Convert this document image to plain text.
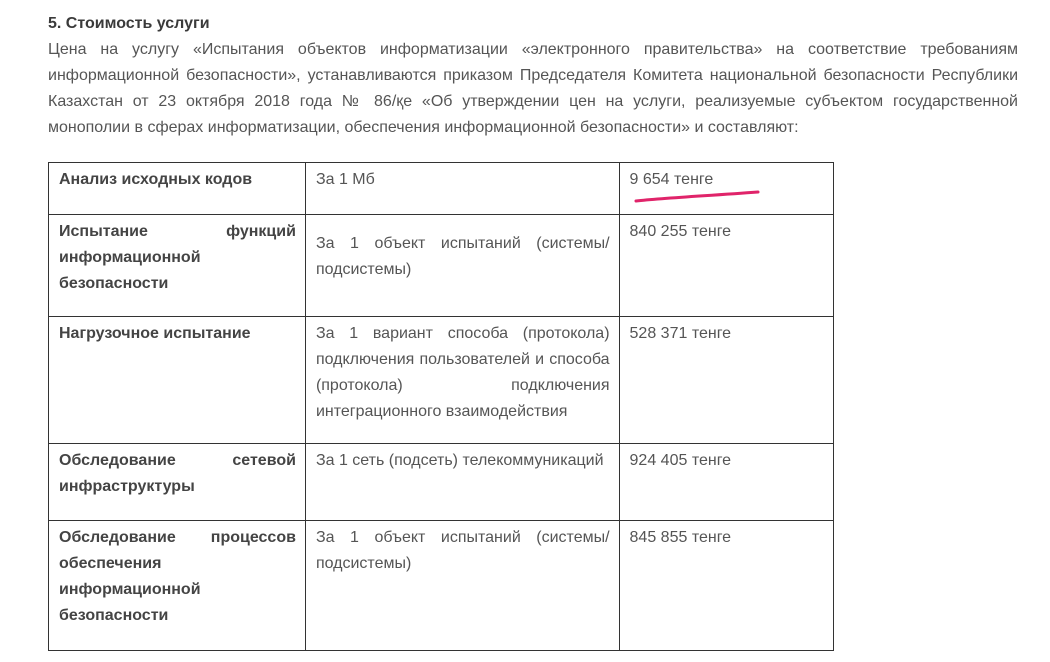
5. Стоимость услуги

Цена на услугу «Испытания объектов информатизации «электронного правительства» на соответствие требованиям информационной безопасности», устанавливаются приказом Председателя Комитета национальной безопасности Республики Казахстан от 23 октября 2018 года № 86/қе «Об утверждении цен на услуги, реализуемые субъектом государственной монополии в сферах информатизации, обеспечения информационной безопасности» и составляют:

Анализ исходных кодов	За 1 Мб	9 654 тенге

Испытание функций информационной безопасности	За 1 объект испытаний (системы/подсистемы)	840 255 тенге
Нагрузочное испытание	За 1 вариант способа (протокола) подключения пользователей и способа (протокола) подключения интеграционного взаимодействия	528 371 тенге
Обследование сетевой инфраструктуры	За 1 сеть (подсеть) телекоммуникаций	924 405 тенге
Обследование процессов обеспечения информационной безопасности	За 1 объект испытаний (системы/подсистемы)	845 855 тенге
